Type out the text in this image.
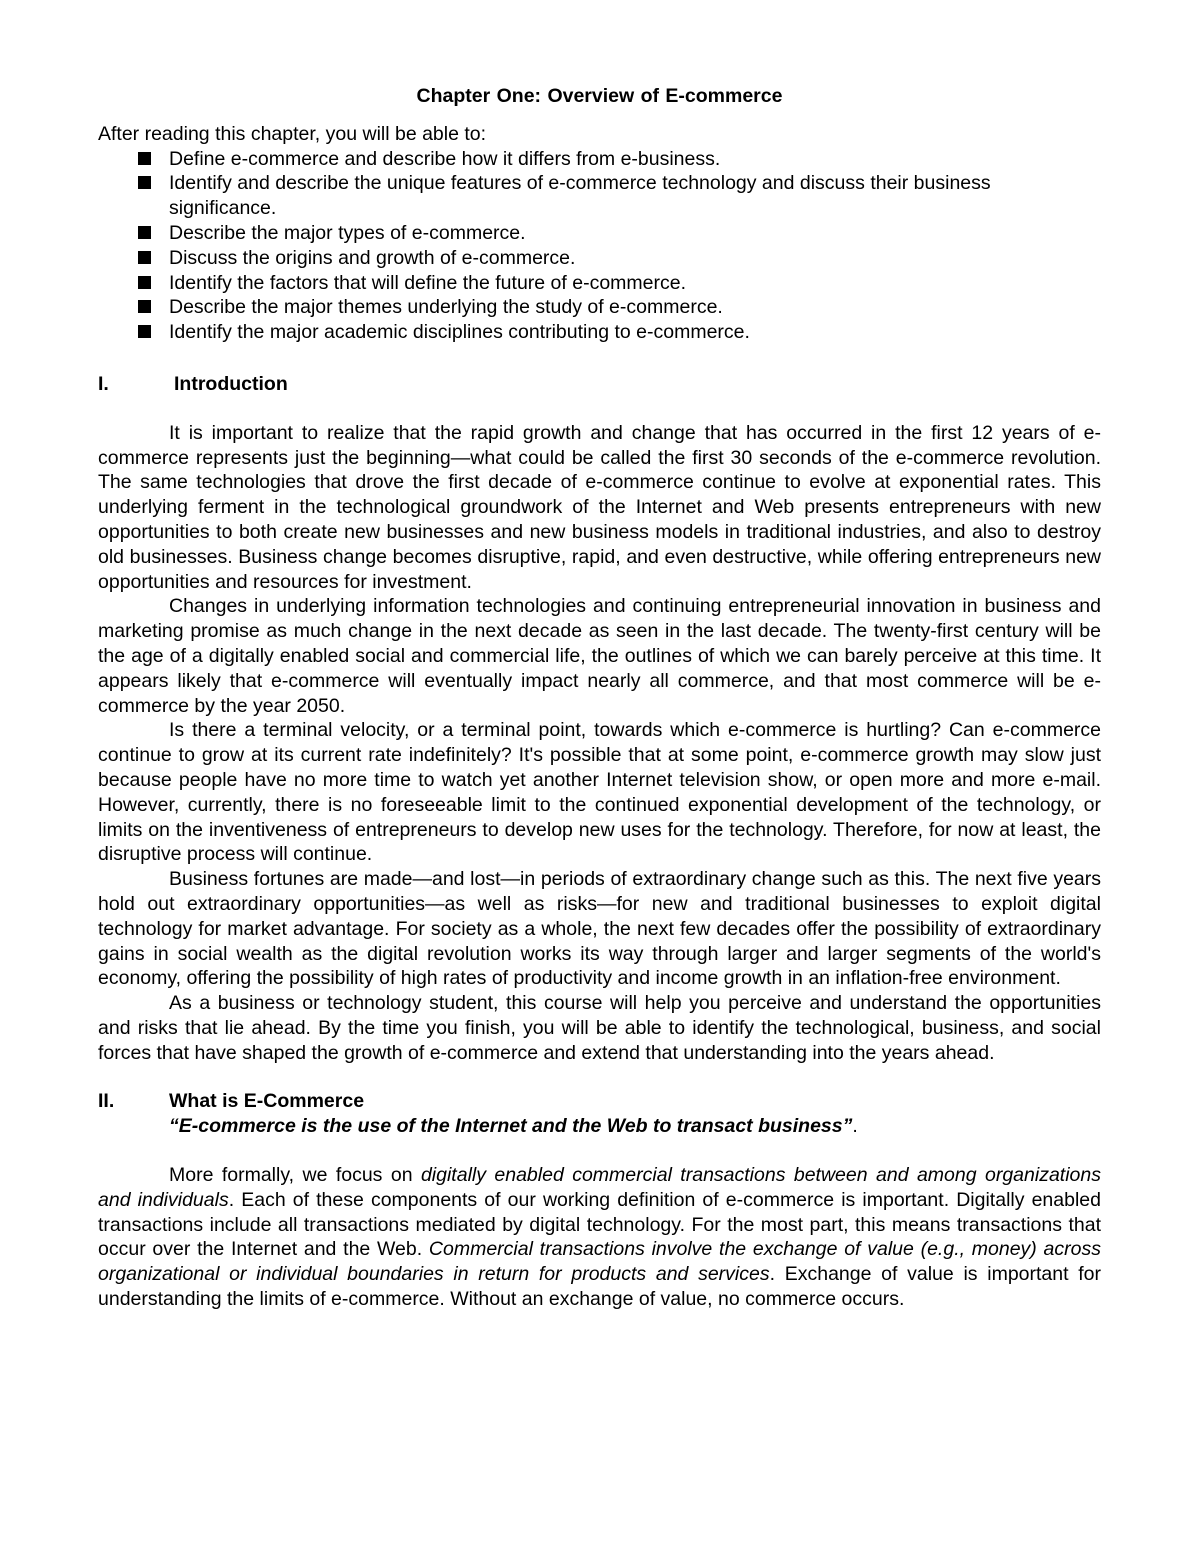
Chapter One: Overview of E-commerce

After reading this chapter, you will be able to:

Define e-commerce and describe how it differs from e-business.
Identify and describe the unique features of e-commerce technology and discuss their business significance.
Describe the major types of e-commerce.
Discuss the origins and growth of e-commerce.
Identify the factors that will define the future of e-commerce.
Describe the major themes underlying the study of e-commerce.
Identify the major academic disciplines contributing to e-commerce.
I.	Introduction

It is important to realize that the rapid growth and change that has occurred in the first 12 years of e-commerce represents just the beginning—what could be called the first 30 seconds of the e-commerce revolution. The same technologies that drove the first decade of e-commerce continue to evolve at exponential rates. This underlying ferment in the technological groundwork of the Internet and Web presents entrepreneurs with new opportunities to both create new businesses and new business models in traditional industries, and also to destroy old businesses. Business change becomes disruptive, rapid, and even destructive, while offering entrepreneurs new opportunities and resources for investment.

Changes in underlying information technologies and continuing entrepreneurial innovation in business and marketing promise as much change in the next decade as seen in the last decade. The twenty-first century will be the age of a digitally enabled social and commercial life, the outlines of which we can barely perceive at this time. It appears likely that e-commerce will eventually impact nearly all commerce, and that most commerce will be e-commerce by the year 2050.

Is there a terminal velocity, or a terminal point, towards which e-commerce is hurtling? Can e-commerce continue to grow at its current rate indefinitely? It's possible that at some point, e-commerce growth may slow just because people have no more time to watch yet another Internet television show, or open more and more e-mail. However, currently, there is no foreseeable limit to the continued exponential development of the technology, or limits on the inventiveness of entrepreneurs to develop new uses for the technology. Therefore, for now at least, the disruptive process will continue.

Business fortunes are made—and lost—in periods of extraordinary change such as this. The next five years hold out extraordinary opportunities—as well as risks—for new and traditional businesses to exploit digital technology for market advantage. For society as a whole, the next few decades offer the possibility of extraordinary gains in social wealth as the digital revolution works its way through larger and larger segments of the world's economy, offering the possibility of high rates of productivity and income growth in an inflation-free environment.

As a business or technology student, this course will help you perceive and understand the opportunities and risks that lie ahead. By the time you finish, you will be able to identify the technological, business, and social forces that have shaped the growth of e-commerce and extend that understanding into the years ahead.

II.	What is E-Commerce
“E-commerce is the use of the Internet and the Web to transact business”.

More formally, we focus on digitally enabled commercial transactions between and among organizations and individuals. Each of these components of our working definition of e-commerce is important. Digitally enabled transactions include all transactions mediated by digital technology. For the most part, this means transactions that occur over the Internet and the Web. Commercial transactions involve the exchange of value (e.g., money) across organizational or individual boundaries in return for products and services. Exchange of value is important for understanding the limits of e-commerce. Without an exchange of value, no commerce occurs.
